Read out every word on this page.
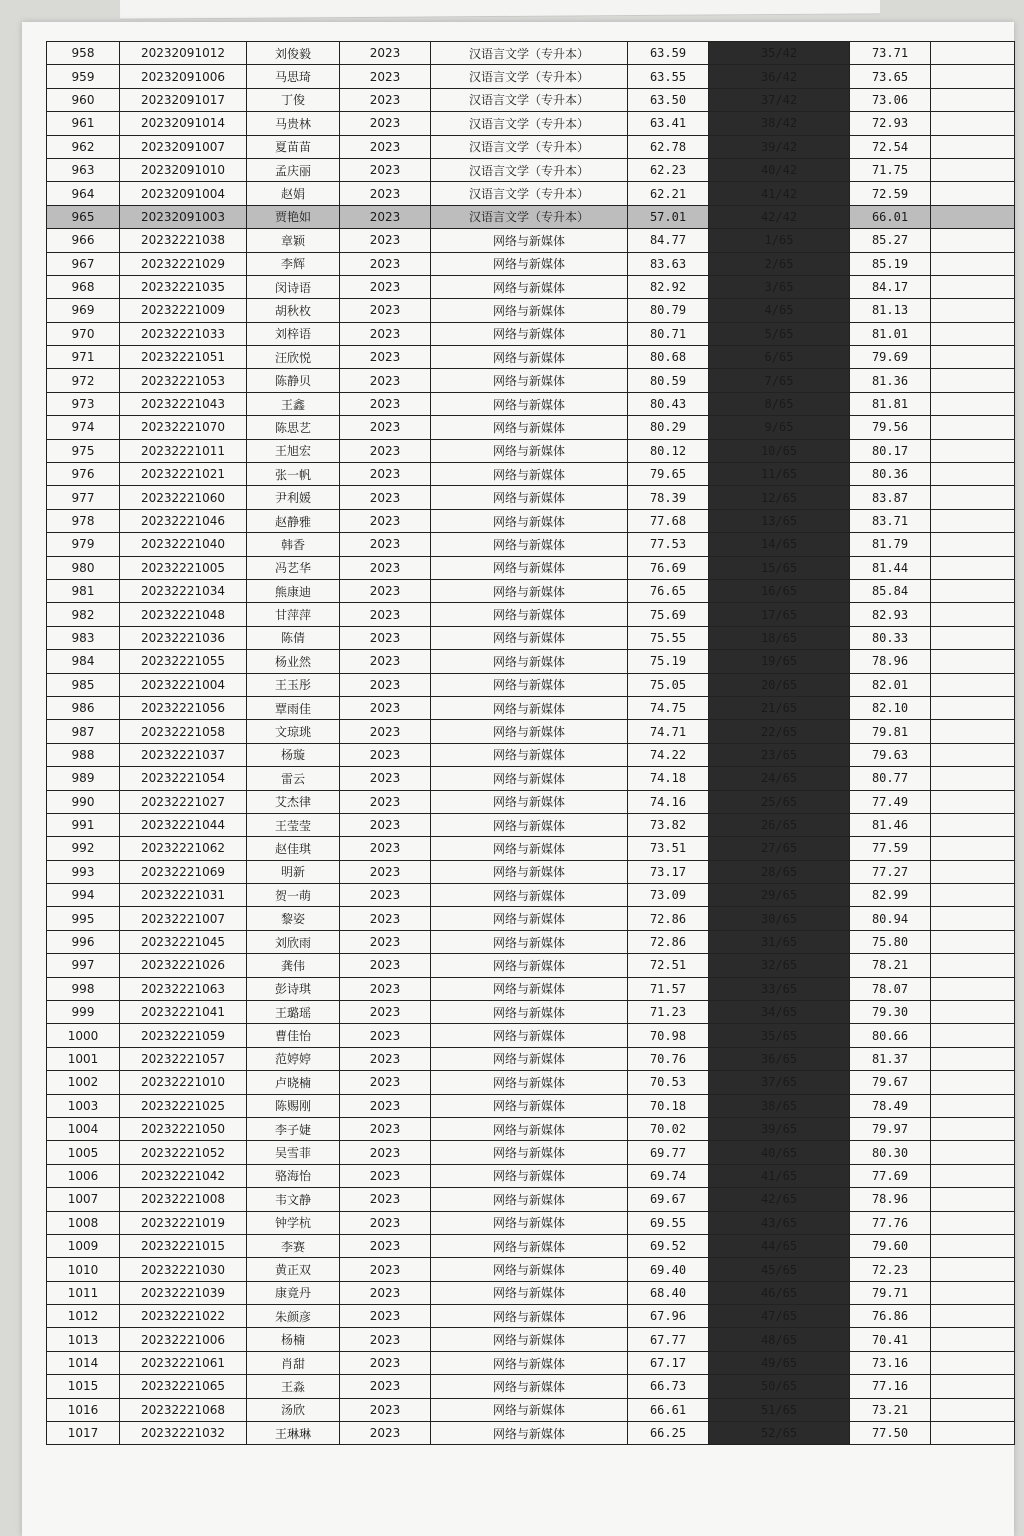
958	20232091012	刘俊毅	2023	汉语言文学（专升本）	63.59	35/42	73.71	
959	20232091006	马思琦	2023	汉语言文学（专升本）	63.55	36/42	73.65	
960	20232091017	丁俊	2023	汉语言文学（专升本）	63.50	37/42	73.06	
961	20232091014	马贵林	2023	汉语言文学（专升本）	63.41	38/42	72.93	
962	20232091007	夏苗苗	2023	汉语言文学（专升本）	62.78	39/42	72.54	
963	20232091010	孟庆丽	2023	汉语言文学（专升本）	62.23	40/42	71.75	
964	20232091004	赵娟	2023	汉语言文学（专升本）	62.21	41/42	72.59	
965	20232091003	贾艳如	2023	汉语言文学（专升本）	57.01	42/42	66.01	
966	20232221038	章颖	2023	网络与新媒体	84.77	1/65	85.27	
967	20232221029	李辉	2023	网络与新媒体	83.63	2/65	85.19	
968	20232221035	闵诗语	2023	网络与新媒体	82.92	3/65	84.17	
969	20232221009	胡秋枚	2023	网络与新媒体	80.79	4/65	81.13	
970	20232221033	刘梓语	2023	网络与新媒体	80.71	5/65	81.01	
971	20232221051	汪欣悦	2023	网络与新媒体	80.68	6/65	79.69	
972	20232221053	陈静贝	2023	网络与新媒体	80.59	7/65	81.36	
973	20232221043	王鑫	2023	网络与新媒体	80.43	8/65	81.81	
974	20232221070	陈思艺	2023	网络与新媒体	80.29	9/65	79.56	
975	20232221011	王旭宏	2023	网络与新媒体	80.12	10/65	80.17	
976	20232221021	张一帆	2023	网络与新媒体	79.65	11/65	80.36	
977	20232221060	尹利媛	2023	网络与新媒体	78.39	12/65	83.87	
978	20232221046	赵静雅	2023	网络与新媒体	77.68	13/65	83.71	
979	20232221040	韩香	2023	网络与新媒体	77.53	14/65	81.79	
980	20232221005	冯艺华	2023	网络与新媒体	76.69	15/65	81.44	
981	20232221034	熊康迪	2023	网络与新媒体	76.65	16/65	85.84	
982	20232221048	甘萍萍	2023	网络与新媒体	75.69	17/65	82.93	
983	20232221036	陈倩	2023	网络与新媒体	75.55	18/65	80.33	
984	20232221055	杨业然	2023	网络与新媒体	75.19	19/65	78.96	
985	20232221004	王玉彤	2023	网络与新媒体	75.05	20/65	82.01	
986	20232221056	覃雨佳	2023	网络与新媒体	74.75	21/65	82.10	
987	20232221058	文琼珧	2023	网络与新媒体	74.71	22/65	79.81	
988	20232221037	杨璇	2023	网络与新媒体	74.22	23/65	79.63	
989	20232221054	雷云	2023	网络与新媒体	74.18	24/65	80.77	
990	20232221027	艾杰律	2023	网络与新媒体	74.16	25/65	77.49	
991	20232221044	王莹莹	2023	网络与新媒体	73.82	26/65	81.46	
992	20232221062	赵佳琪	2023	网络与新媒体	73.51	27/65	77.59	
993	20232221069	明新	2023	网络与新媒体	73.17	28/65	77.27	
994	20232221031	贺一萌	2023	网络与新媒体	73.09	29/65	82.99	
995	20232221007	黎姿	2023	网络与新媒体	72.86	30/65	80.94	
996	20232221045	刘欣雨	2023	网络与新媒体	72.86	31/65	75.80	
997	20232221026	龚伟	2023	网络与新媒体	72.51	32/65	78.21	
998	20232221063	彭诗琪	2023	网络与新媒体	71.57	33/65	78.07	
999	20232221041	王璐瑶	2023	网络与新媒体	71.23	34/65	79.30	
1000	20232221059	曹佳怡	2023	网络与新媒体	70.98	35/65	80.66	
1001	20232221057	范婷婷	2023	网络与新媒体	70.76	36/65	81.37	
1002	20232221010	卢晓楠	2023	网络与新媒体	70.53	37/65	79.67	
1003	20232221025	陈赐刚	2023	网络与新媒体	70.18	38/65	78.49	
1004	20232221050	李子婕	2023	网络与新媒体	70.02	39/65	79.97	
1005	20232221052	吴雪菲	2023	网络与新媒体	69.77	40/65	80.30	
1006	20232221042	骆海怡	2023	网络与新媒体	69.74	41/65	77.69	
1007	20232221008	韦文静	2023	网络与新媒体	69.67	42/65	78.96	
1008	20232221019	钟学杭	2023	网络与新媒体	69.55	43/65	77.76	
1009	20232221015	李赛	2023	网络与新媒体	69.52	44/65	79.60	
1010	20232221030	黄正双	2023	网络与新媒体	69.40	45/65	72.23	
1011	20232221039	康竟丹	2023	网络与新媒体	68.40	46/65	79.71	
1012	20232221022	朱颜彦	2023	网络与新媒体	67.96	47/65	76.86	
1013	20232221006	杨楠	2023	网络与新媒体	67.77	48/65	70.41	
1014	20232221061	肖甜	2023	网络与新媒体	67.17	49/65	73.16	
1015	20232221065	王淼	2023	网络与新媒体	66.73	50/65	77.16	
1016	20232221068	汤欣	2023	网络与新媒体	66.61	51/65	73.21	
1017	20232221032	王琳琳	2023	网络与新媒体	66.25	52/65	77.50	
